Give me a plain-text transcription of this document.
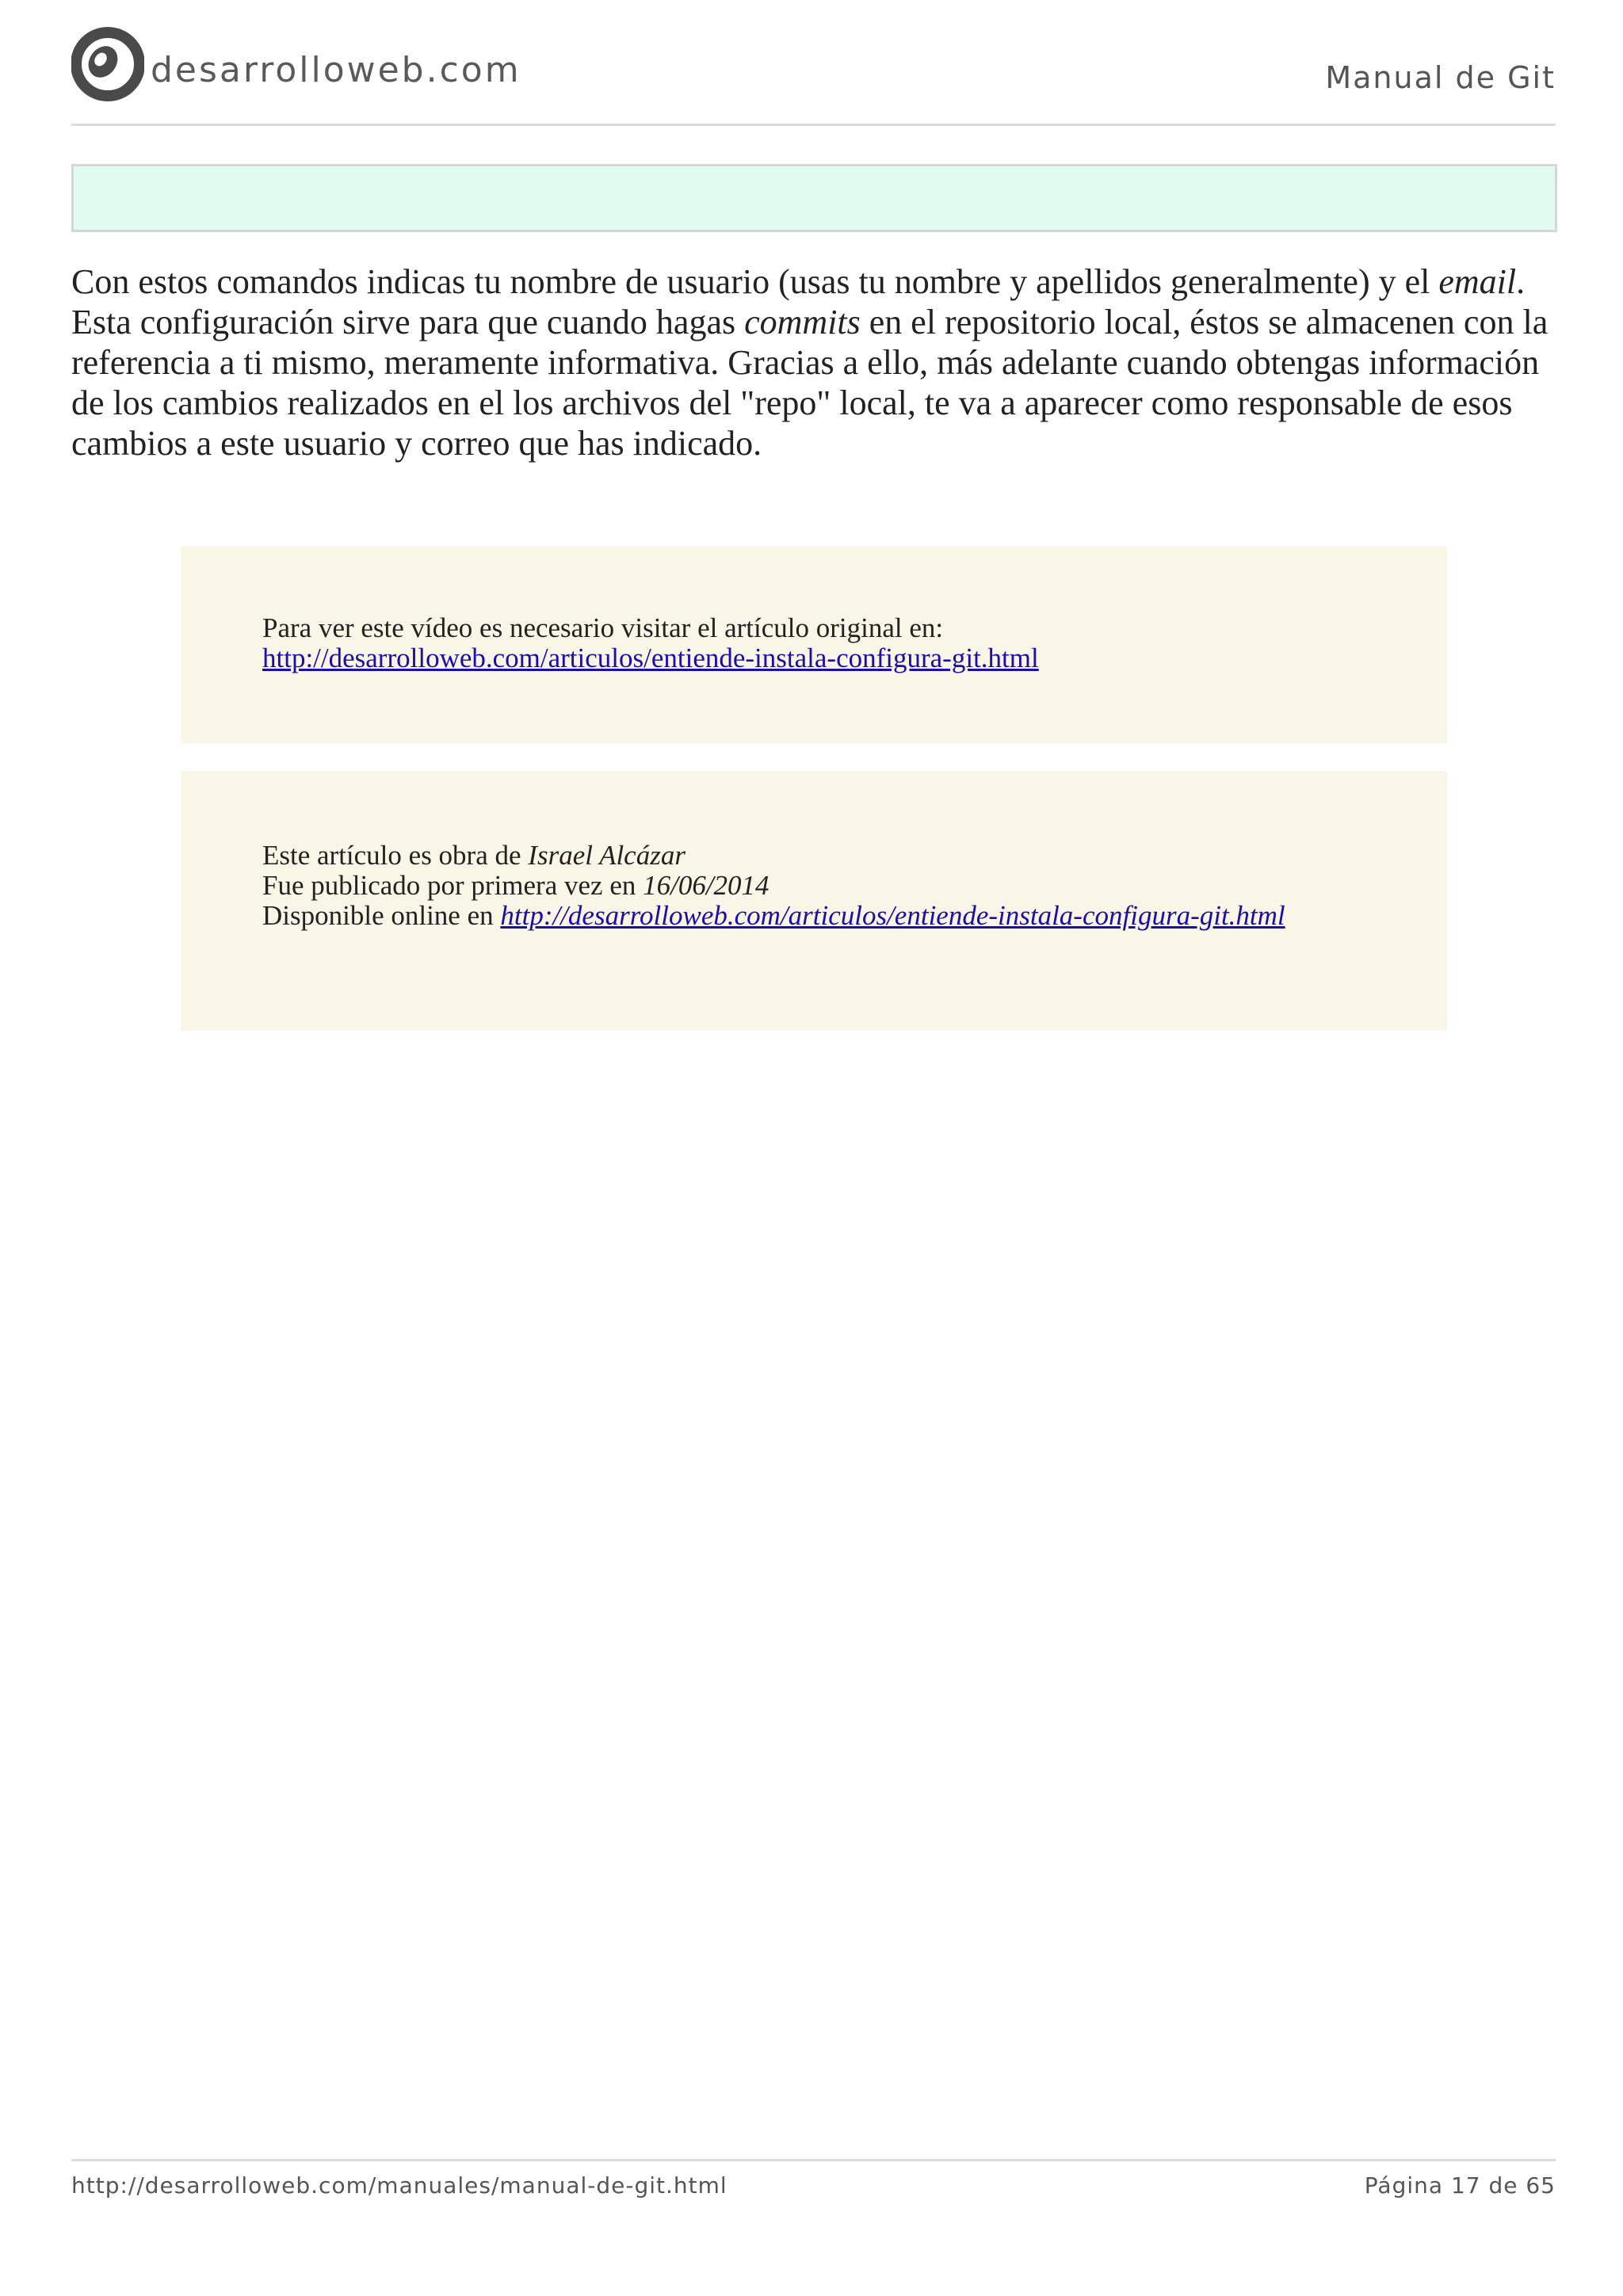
desarrolloweb.com	Manual de Git

Con estos comandos indicas tu nombre de usuario (usas tu nombre y apellidos generalmente) y el email. Esta configuración sirve para que cuando hagas commits en el repositorio local, éstos se almacenen con la referencia a ti mismo, meramente informativa. Gracias a ello, más adelante cuando obtengas información de los cambios realizados en el los archivos del "repo" local, te va a aparecer como responsable de esos cambios a este usuario y correo que has indicado.

Para ver este vídeo es necesario visitar el artículo original en:
http://desarrolloweb.com/articulos/entiende-instala-configura-git.html
Este artículo es obra de Israel Alcázar
Fue publicado por primera vez en 16/06/2014
Disponible online en http://desarrolloweb.com/articulos/entiende-instala-configura-git.html
http://desarrolloweb.com/manuales/manual-de-git.html	Página 17 de 65
